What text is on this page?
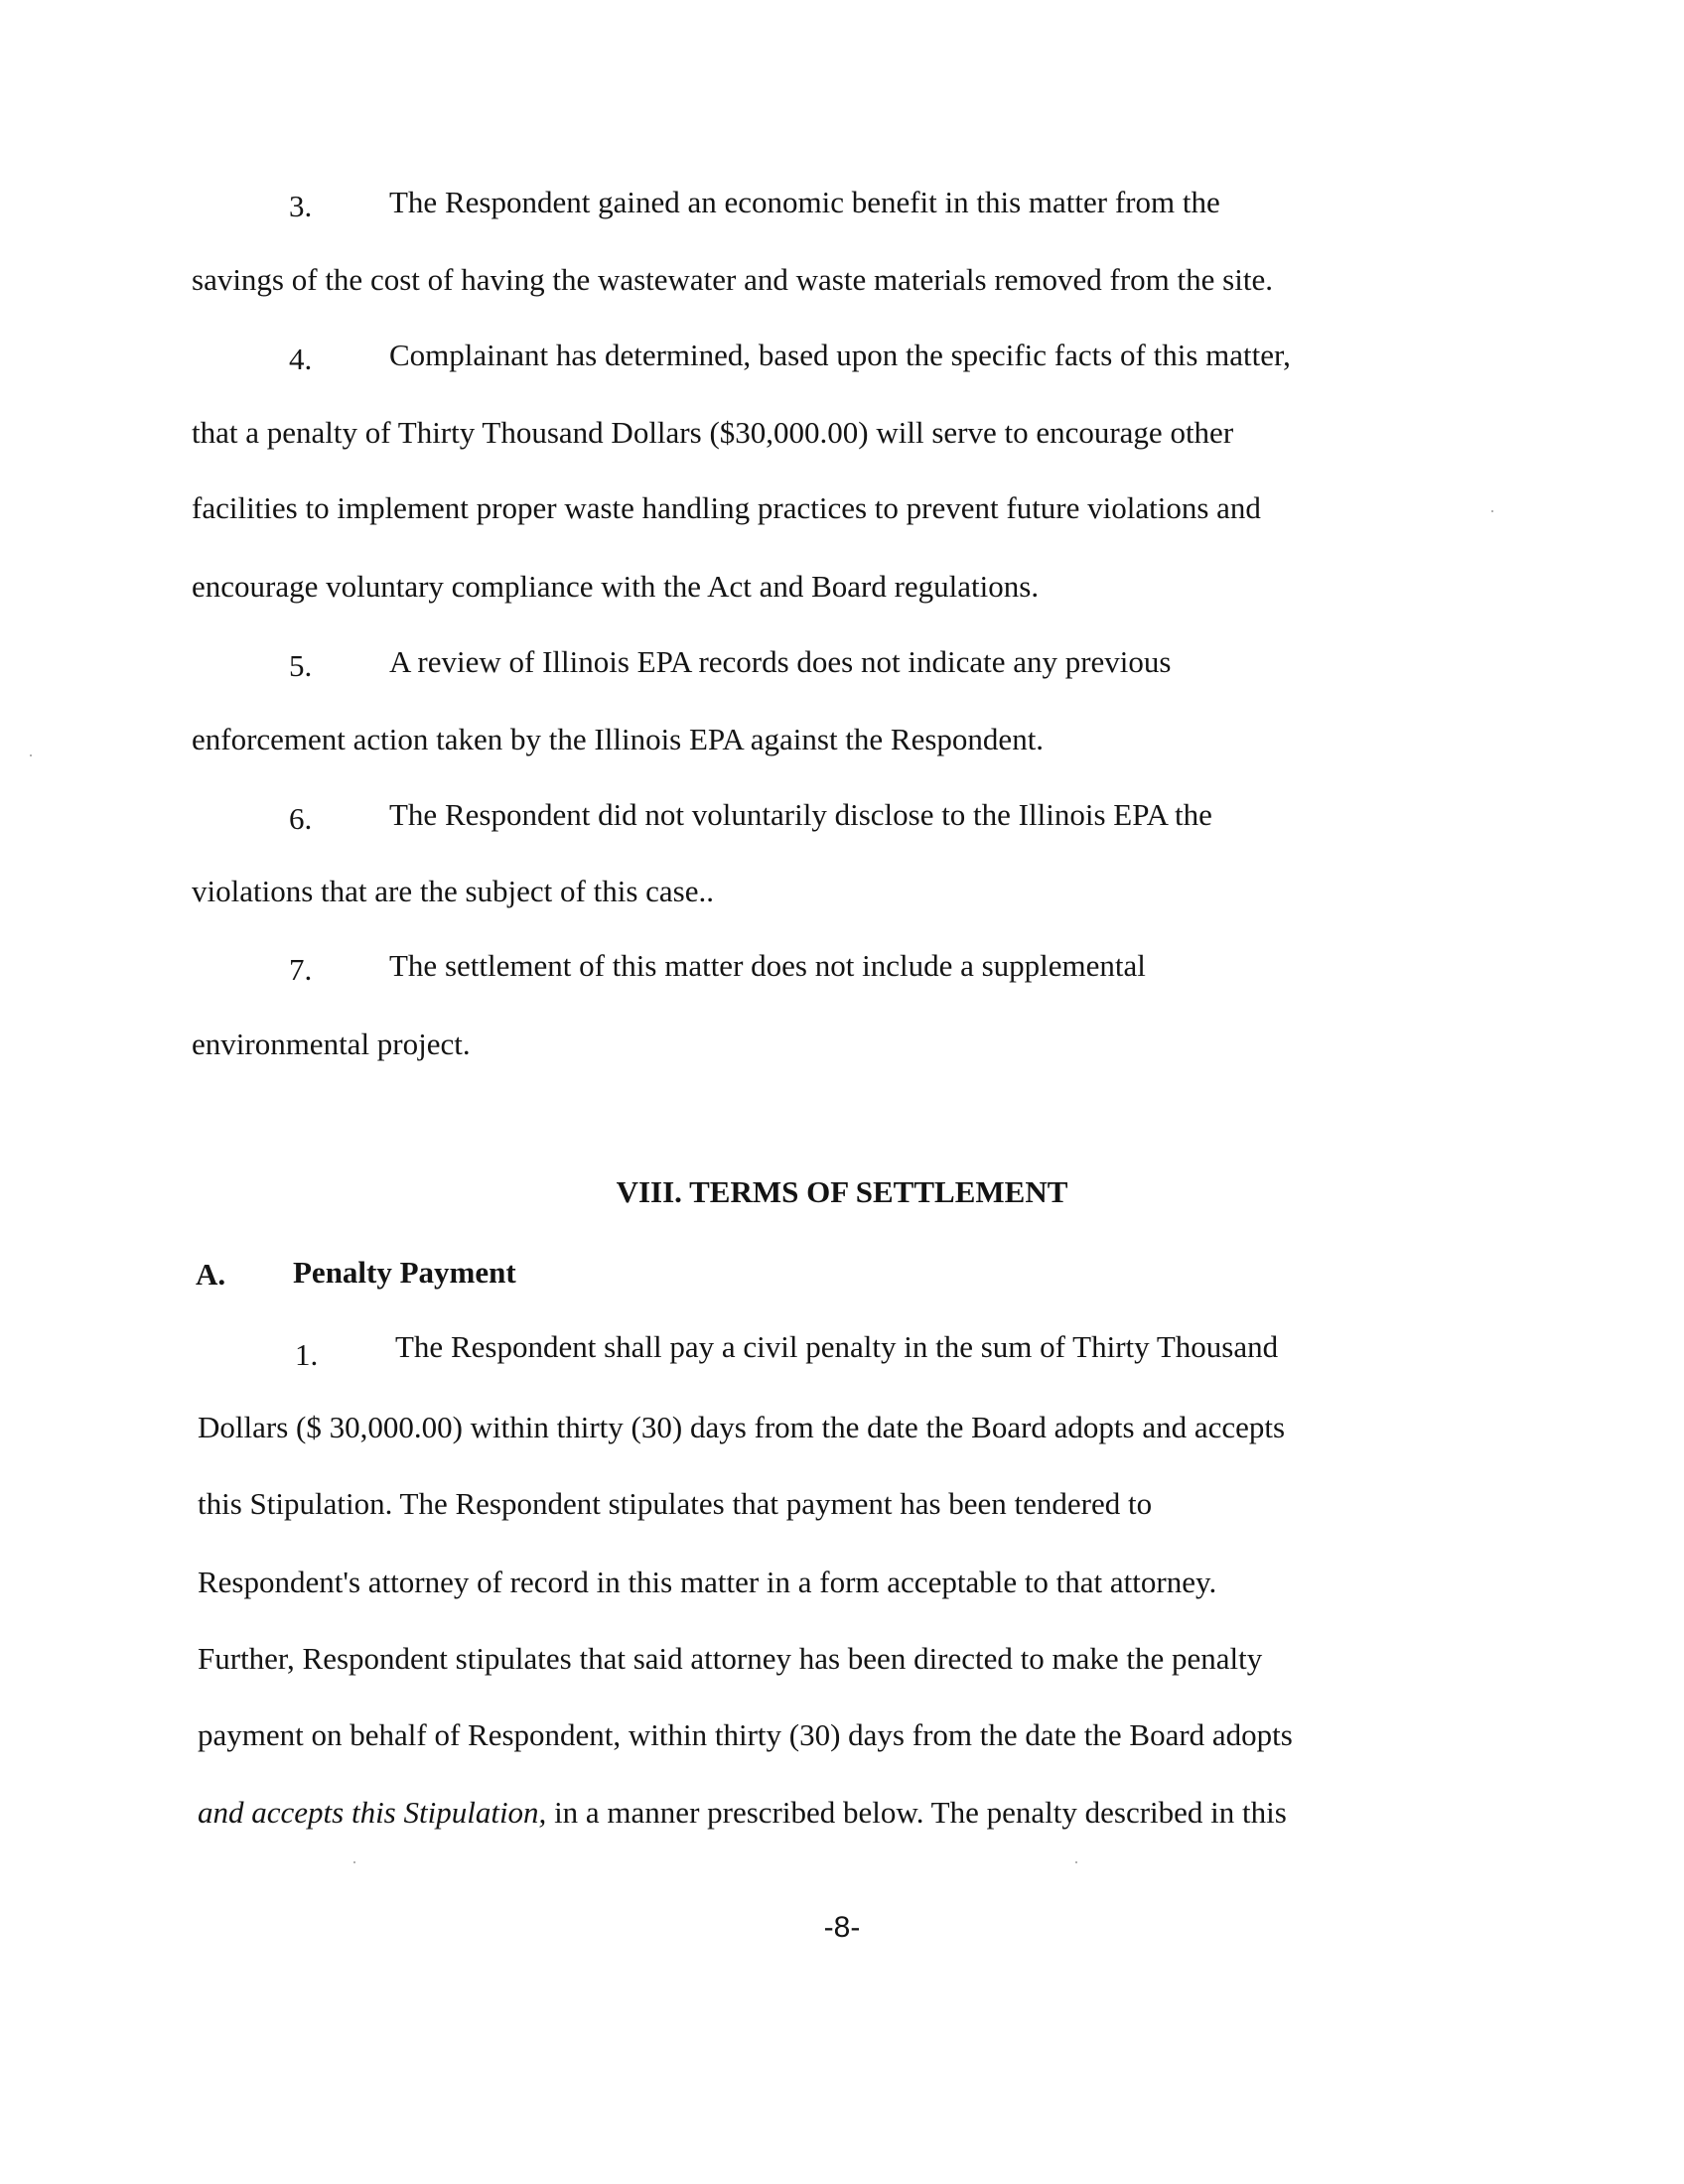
3.	The Respondent gained an economic benefit in this matter from the
savings of the cost of having the wastewater and waste materials removed from the site.
4.	Complainant has determined, based upon the specific facts of this matter,
that a penalty of Thirty Thousand Dollars ($30,000.00) will serve to encourage other
facilities to implement proper waste handling practices to prevent future violations and
encourage voluntary compliance with the Act and Board regulations.
5.	A review of Illinois EPA records does not indicate any previous
enforcement action taken by the Illinois EPA against the Respondent.
6.	The Respondent did not voluntarily disclose to the Illinois EPA the
violations that are the subject of this case..
7.	The settlement of this matter does not include a supplemental
environmental project.
VIII. TERMS OF SETTLEMENT
A. Penalty Payment
1.	The Respondent shall pay a civil penalty in the sum of Thirty Thousand
Dollars ($ 30,000.00) within thirty (30) days from the date the Board adopts and accepts
this Stipulation. The Respondent stipulates that payment has been tendered to
Respondent's attorney of record in this matter in a form acceptable to that attorney.
Further, Respondent stipulates that said attorney has been directed to make the penalty
payment on behalf of Respondent, within thirty (30) days from the date the Board adopts
and accepts this Stipulation, in a manner prescribed below. The penalty described in this
-8-
